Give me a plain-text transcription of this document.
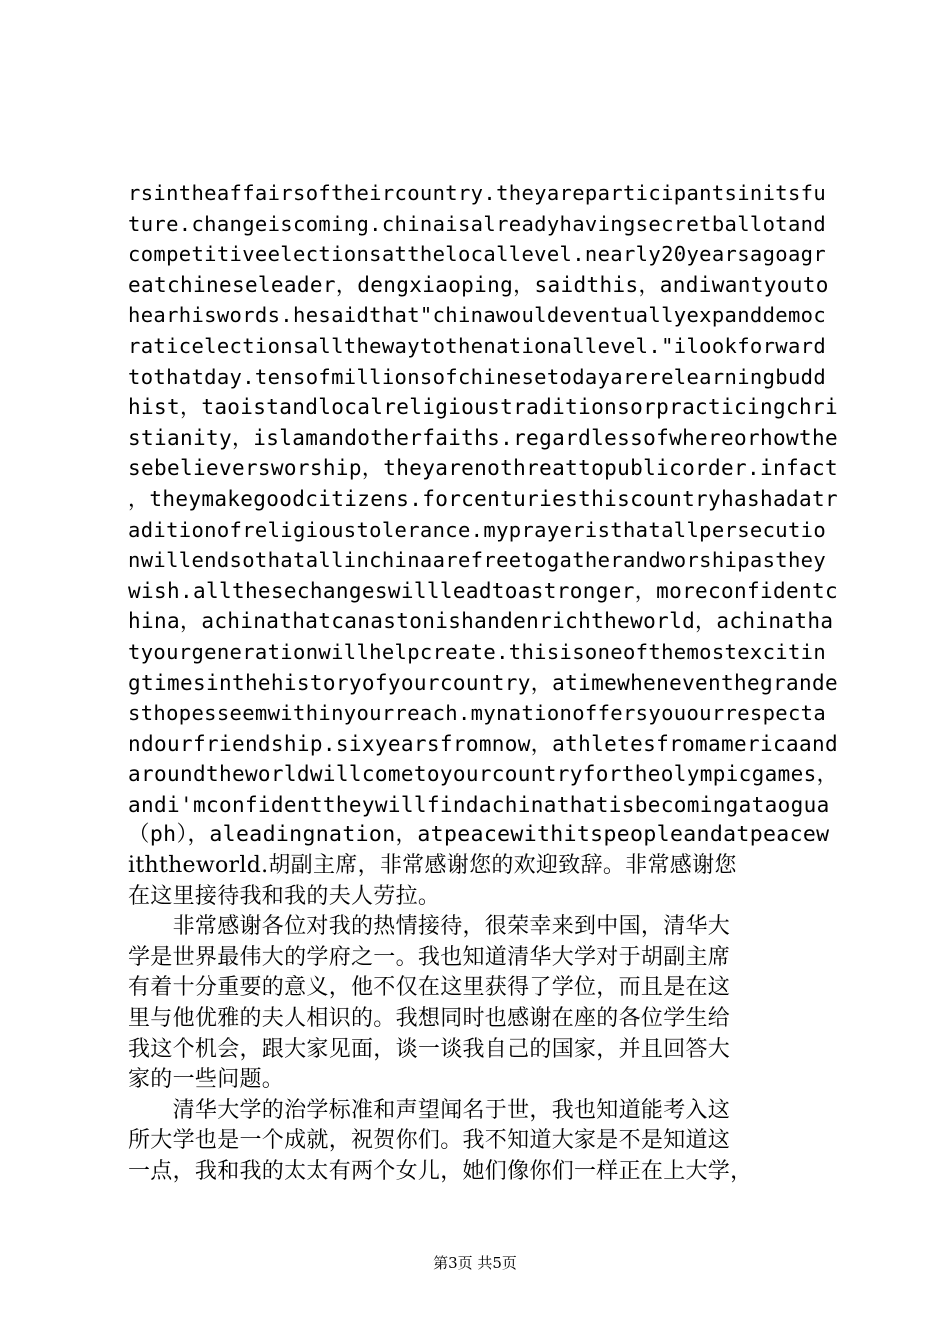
rsintheaffairsoftheircountry.theyareparticipantsinitsfu
ture.changeiscoming.chinaisalreadyhavingsecretballotand
competitiveelectionsatthelocallevel.nearly20yearsagoagr
eatchineseleader，dengxiaoping，saidthis，andiwantyouto
hearhiswords.hesaidthat"chinawouldeventuallyexpanddemoc
raticelectionsallthewaytothenationallevel."ilookforward
tothatday.tensofmillionsofchinesetodayarerelearningbudd
hist，taoistandlocalreligioustraditionsorpracticingchri
stianity，islamandotherfaiths.regardlessofwhereorhowthe
sebelieversworship，theyarenothreattopublicorder.infact
，theymakegoodcitizens.forcenturiesthiscountryhashadatr
aditionofreligioustolerance.myprayeristhatallpersecutio
nwillendsothatallinchinaarefreetogatherandworshipasthey
wish.allthesechangeswillleadtoastronger，moreconfidentc
hina，achinathatcanastonishandenrichtheworld，achinatha
tyourgenerationwillhelpcreate.thisisoneofthemostexcitin
gtimesinthehistoryofyourcountry，atimewheneventhegrande
sthopesseemwithinyourreach.mynationoffersyouourrespecta
ndourfriendship.sixyearsfromnow，athletesfromamericaand
aroundtheworldwillcometoyourcountryfortheolympicgames，
andi'mconfidenttheywillfindachinathatisbecomingataogua
（ph），aleadingnation，atpeacewithitspeopleandatpeacew
iththeworld.胡副主席，非常感谢您的欢迎致辞。非常感谢您
在这里接待我和我的夫人劳拉。
　　非常感谢各位对我的热情接待，很荣幸来到中国，清华大
学是世界最伟大的学府之一。我也知道清华大学对于胡副主席
有着十分重要的意义，他不仅在这里获得了学位，而且是在这
里与他优雅的夫人相识的。我想同时也感谢在座的各位学生给
我这个机会，跟大家见面，谈一谈我自己的国家，并且回答大
家的一些问题。
　　清华大学的治学标准和声望闻名于世，我也知道能考入这
所大学也是一个成就，祝贺你们。我不知道大家是不是知道这
一点，我和我的太太有两个女儿，她们像你们一样正在上大学，
第3页 共5页
